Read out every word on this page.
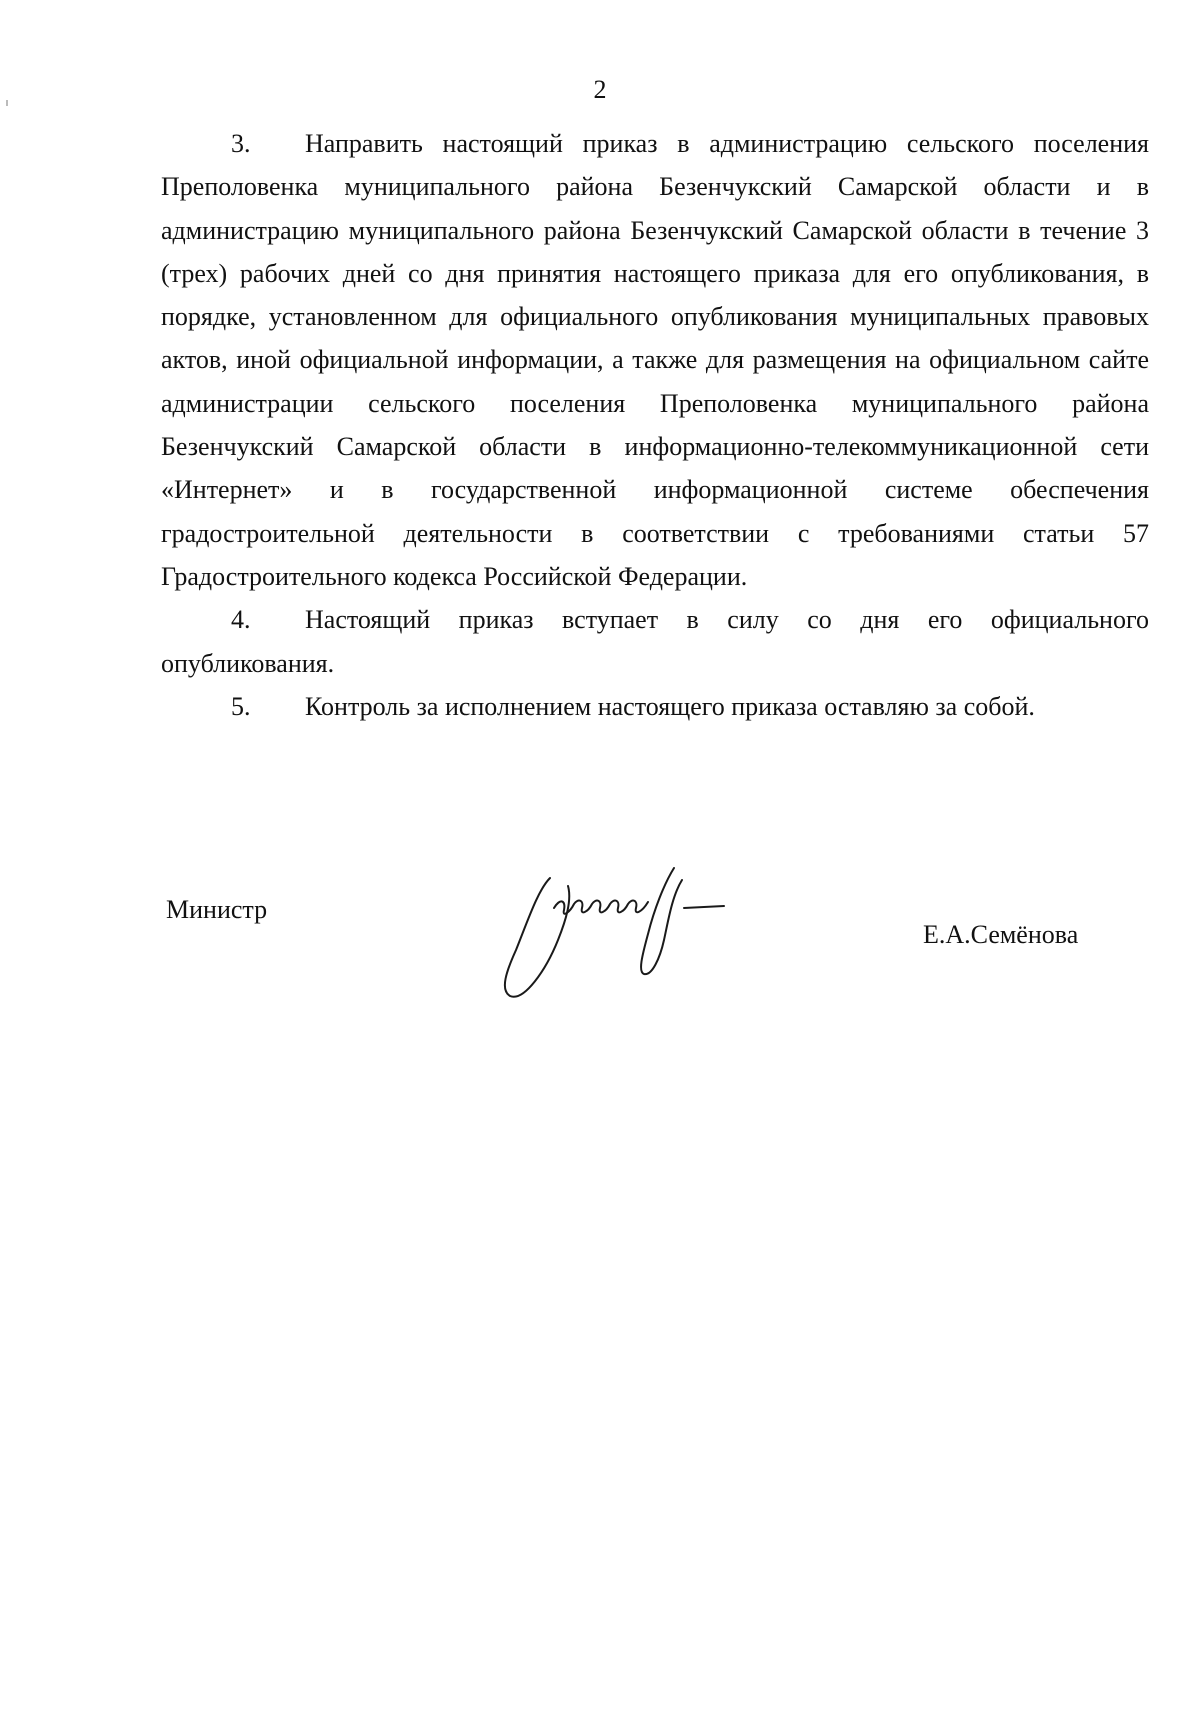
2

3. Направить настоящий приказ в администрацию сельского поселения Преполовенка муниципального района Безенчукский Самарской области и в администрацию муниципального района Безенчукский Самарской области в течение 3 (трех) рабочих дней со дня принятия настоящего приказа для его опубликования, в порядке, установленном для официального опубликования муниципальных правовых актов, иной официальной информации, а также для размещения на официальном сайте администрации сельского поселения Преполовенка муниципального района Безенчукский Самарской области в информационно-телекоммуникационной сети «Интернет» и в государственной информационной системе обеспечения градостроительной деятельности в соответствии с требованиями статьи 57 Градостроительного кодекса Российской Федерации.

4. Настоящий приказ вступает в силу со дня его официального опубликования.

5. Контроль за исполнением настоящего приказа оставляю за собой.

Министр
Е.А.Семёнова
